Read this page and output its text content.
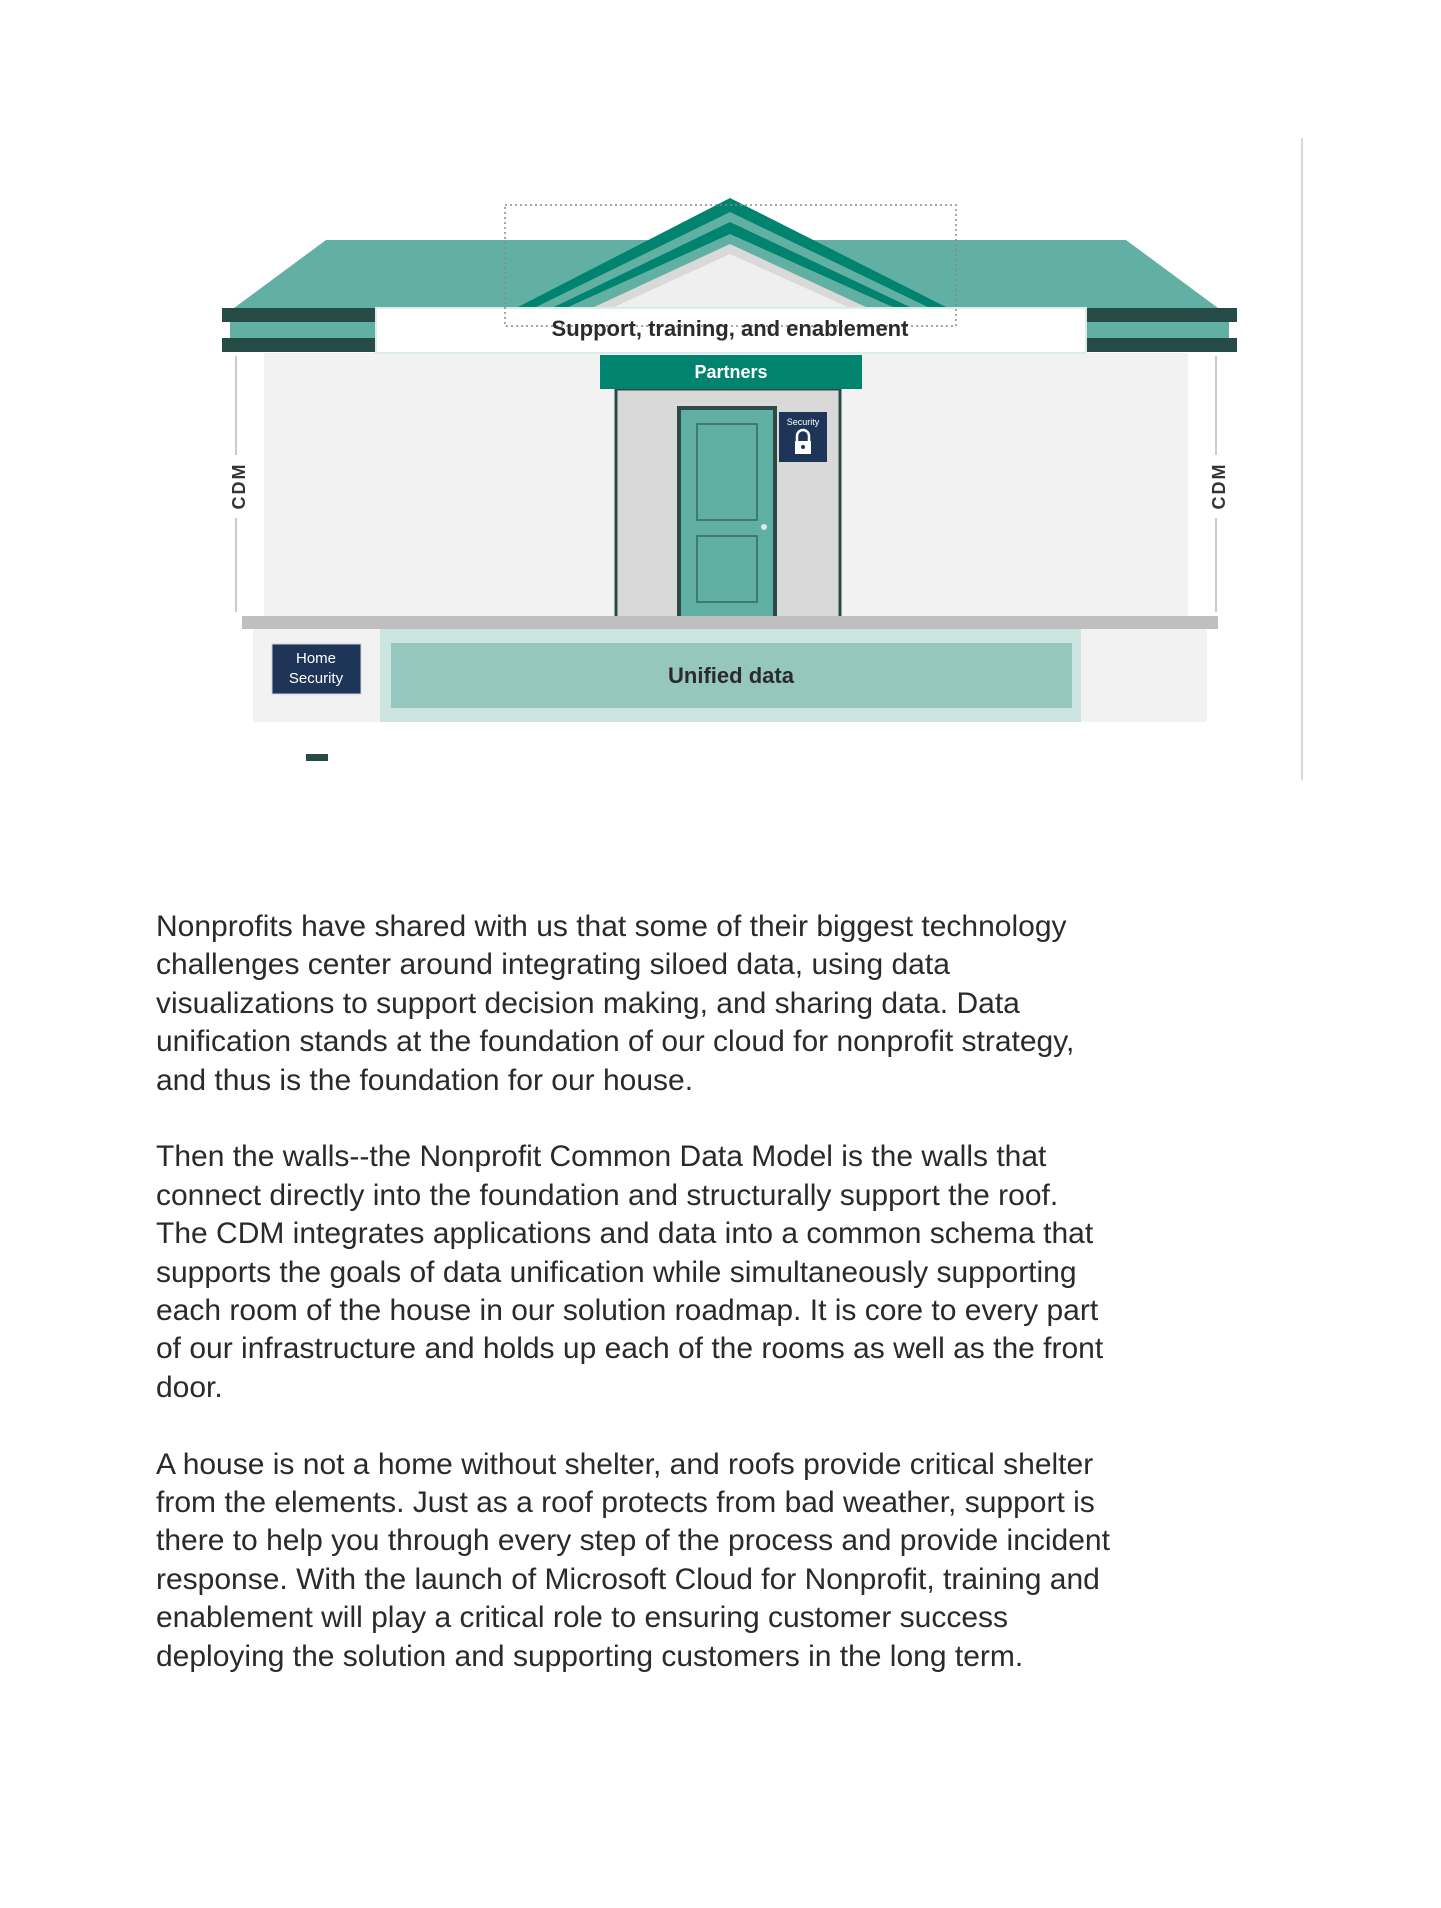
Support, training, and enablement
CDM	CDM
Partners
Security
Unified data
Home
Security

Nonprofits have shared with us that some of their biggest technology
challenges center around integrating siloed data, using data
visualizations to support decision making, and sharing data. Data
unification stands at the foundation of our cloud for nonprofit strategy,
and thus is the foundation for our house.

Then the walls--the Nonprofit Common Data Model is the walls that
connect directly into the foundation and structurally support the roof.
The CDM integrates applications and data into a common schema that
supports the goals of data unification while simultaneously supporting
each room of the house in our solution roadmap. It is core to every part
of our infrastructure and holds up each of the rooms as well as the front
door.

A house is not a home without shelter, and roofs provide critical shelter
from the elements. Just as a roof protects from bad weather, support is
there to help you through every step of the process and provide incident
response. With the launch of Microsoft Cloud for Nonprofit, training and
enablement will play a critical role to ensuring customer success
deploying the solution and supporting customers in the long term.
